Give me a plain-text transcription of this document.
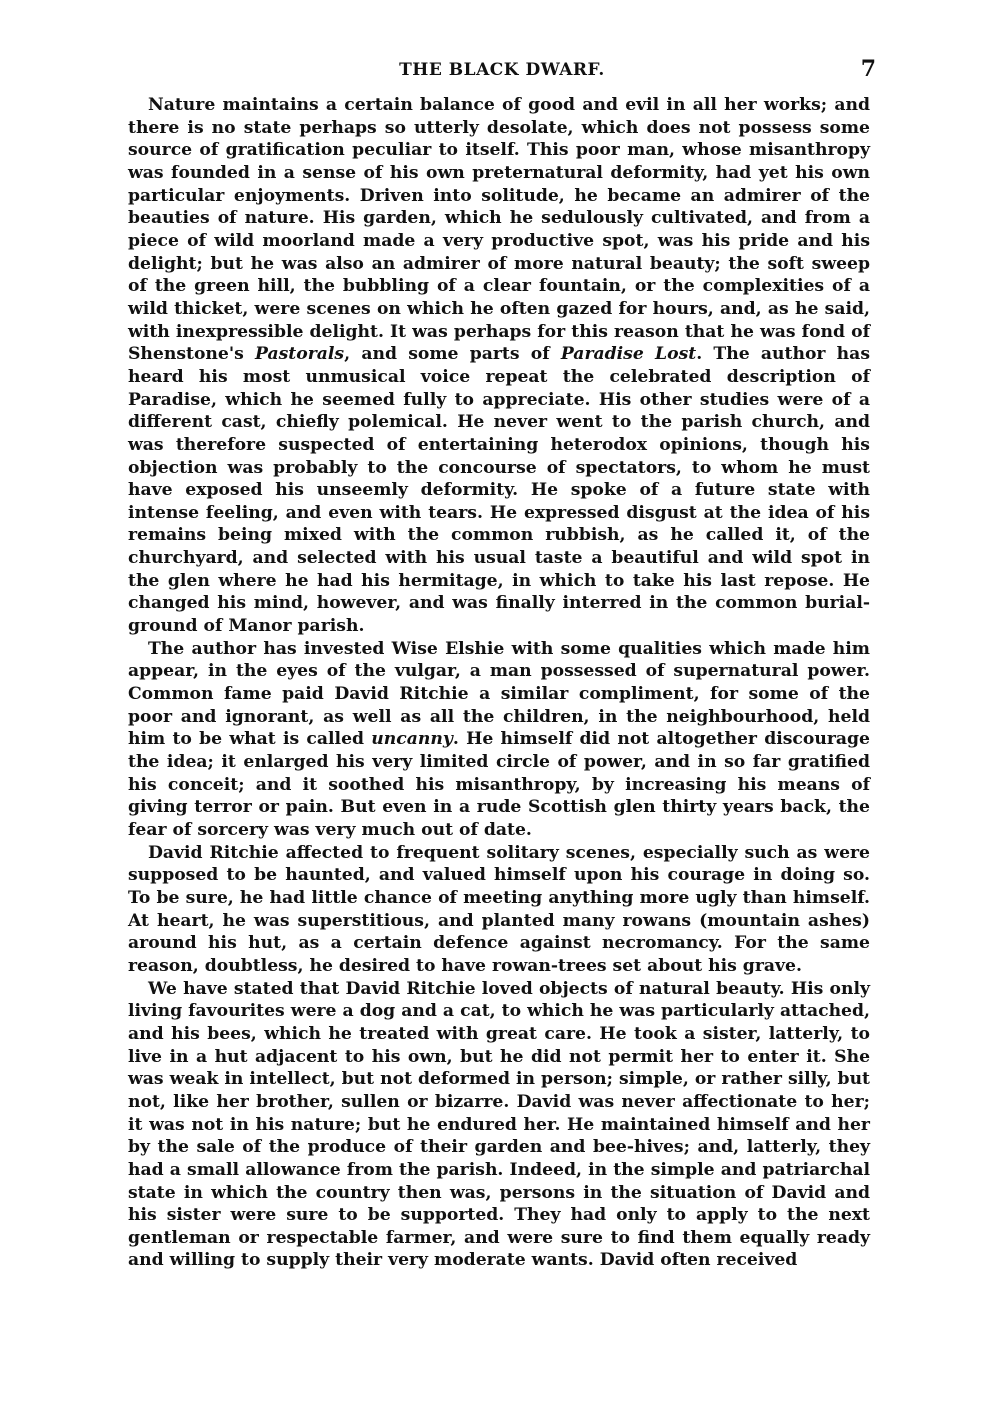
THE BLACK DWARF.	7

Nature maintains a certain balance of good and evil in all her works; and there is no state perhaps so utterly desolate, which does not possess some source of gratification peculiar to itself. This poor man, whose misanthropy was founded in a sense of his own preternatural deformity, had yet his own particular enjoyments. Driven into solitude, he became an admirer of the beauties of nature. His garden, which he sedulously cultivated, and from a piece of wild moorland made a very productive spot, was his pride and his delight; but he was also an admirer of more natural beauty; the soft sweep of the green hill, the bubbling of a clear fountain, or the complexities of a wild thicket, were scenes on which he often gazed for hours, and, as he said, with inexpressible delight. It was perhaps for this reason that he was fond of Shenstone's Pastorals, and some parts of Paradise Lost. The author has heard his most unmusical voice repeat the celebrated description of Paradise, which he seemed fully to appreciate. His other studies were of a different cast, chiefly polemical. He never went to the parish church, and was therefore suspected of entertaining heterodox opinions, though his objection was probably to the concourse of spectators, to whom he must have exposed his unseemly deformity. He spoke of a future state with intense feeling, and even with tears. He expressed disgust at the idea of his remains being mixed with the common rubbish, as he called it, of the churchyard, and selected with his usual taste a beautiful and wild spot in the glen where he had his hermitage, in which to take his last repose. He changed his mind, however, and was finally interred in the common burial-ground of Manor parish.

The author has invested Wise Elshie with some qualities which made him appear, in the eyes of the vulgar, a man possessed of supernatural power. Common fame paid David Ritchie a similar compliment, for some of the poor and ignorant, as well as all the children, in the neighbourhood, held him to be what is called uncanny. He himself did not altogether discourage the idea; it enlarged his very limited circle of power, and in so far gratified his conceit; and it soothed his misanthropy, by increasing his means of giving terror or pain. But even in a rude Scottish glen thirty years back, the fear of sorcery was very much out of date.

David Ritchie affected to frequent solitary scenes, especially such as were supposed to be haunted, and valued himself upon his courage in doing so. To be sure, he had little chance of meeting anything more ugly than himself. At heart, he was superstitious, and planted many rowans (mountain ashes) around his hut, as a certain defence against necromancy. For the same reason, doubtless, he desired to have rowan-trees set about his grave.

We have stated that David Ritchie loved objects of natural beauty. His only living favourites were a dog and a cat, to which he was particularly attached, and his bees, which he treated with great care. He took a sister, latterly, to live in a hut adjacent to his own, but he did not permit her to enter it. She was weak in intellect, but not deformed in person; simple, or rather silly, but not, like her brother, sullen or bizarre. David was never affectionate to her; it was not in his nature; but he endured her. He maintained himself and her by the sale of the produce of their garden and bee-hives; and, latterly, they had a small allowance from the parish. Indeed, in the simple and patriarchal state in which the country then was, persons in the situation of David and his sister were sure to be supported. They had only to apply to the next gentleman or respectable farmer, and were sure to find them equally ready and willing to supply their very moderate wants. David often received
